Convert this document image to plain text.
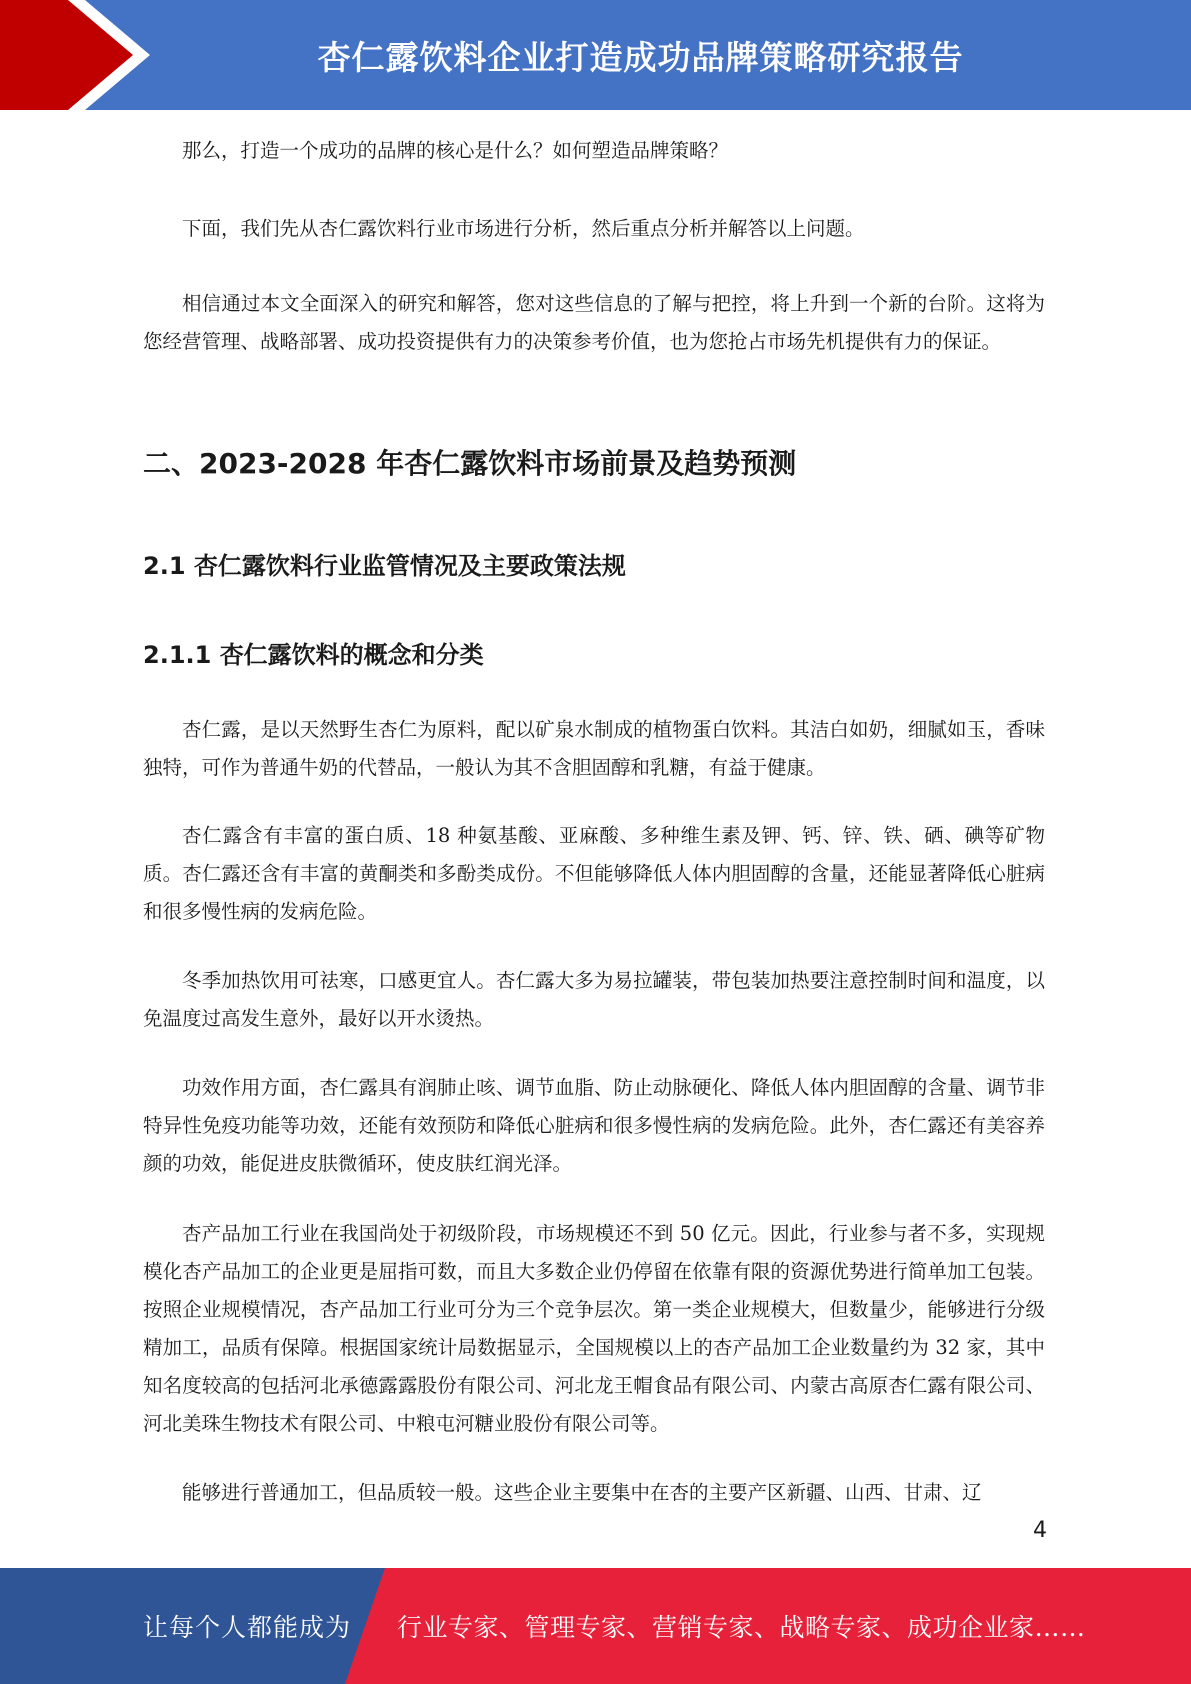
杏仁露饮料企业打造成功品牌策略研究报告

那么，打造一个成功的品牌的核心是什么？如何塑造品牌策略？

下面，我们先从杏仁露饮料行业市场进行分析，然后重点分析并解答以上问题。

相信通过本文全面深入的研究和解答，您对这些信息的了解与把控，将上升到一个新的台阶。这将为您经营管理、战略部署、成功投资提供有力的决策参考价值，也为您抢占市场先机提供有力的保证。

二、2023-2028 年杏仁露饮料市场前景及趋势预测
2.1 杏仁露饮料行业监管情况及主要政策法规
2.1.1 杏仁露饮料的概念和分类

杏仁露，是以天然野生杏仁为原料，配以矿泉水制成的植物蛋白饮料。其洁白如奶，细腻如玉，香味独特，可作为普通牛奶的代替品，一般认为其不含胆固醇和乳糖，有益于健康。

杏仁露含有丰富的蛋白质、18 种氨基酸、亚麻酸、多种维生素及钾、钙、锌、铁、硒、碘等矿物质。杏仁露还含有丰富的黄酮类和多酚类成份。不但能够降低人体内胆固醇的含量，还能显著降低心脏病和很多慢性病的发病危险。

冬季加热饮用可祛寒，口感更宜人。杏仁露大多为易拉罐装，带包装加热要注意控制时间和温度，以免温度过高发生意外，最好以开水烫热。

功效作用方面，杏仁露具有润肺止咳、调节血脂、防止动脉硬化、降低人体内胆固醇的含量、调节非特异性免疫功能等功效，还能有效预防和降低心脏病和很多慢性病的发病危险。此外，杏仁露还有美容养颜的功效，能促进皮肤微循环，使皮肤红润光泽。

杏产品加工行业在我国尚处于初级阶段，市场规模还不到 50 亿元。因此，行业参与者不多，实现规模化杏产品加工的企业更是屈指可数，而且大多数企业仍停留在依靠有限的资源优势进行简单加工包装。按照企业规模情况，杏产品加工行业可分为三个竞争层次。第一类企业规模大，但数量少，能够进行分级精加工，品质有保障。根据国家统计局数据显示，全国规模以上的杏产品加工企业数量约为 32 家，其中知名度较高的包括河北承德露露股份有限公司、河北龙王帽食品有限公司、内蒙古高原杏仁露有限公司、河北美珠生物技术有限公司、中粮屯河糖业股份有限公司等。

能够进行普通加工，但品质较一般。这些企业主要集中在杏的主要产区新疆、山西、甘肃、辽

4
让每个人都能成为 行业专家、管理专家、营销专家、战略专家、成功企业家……
